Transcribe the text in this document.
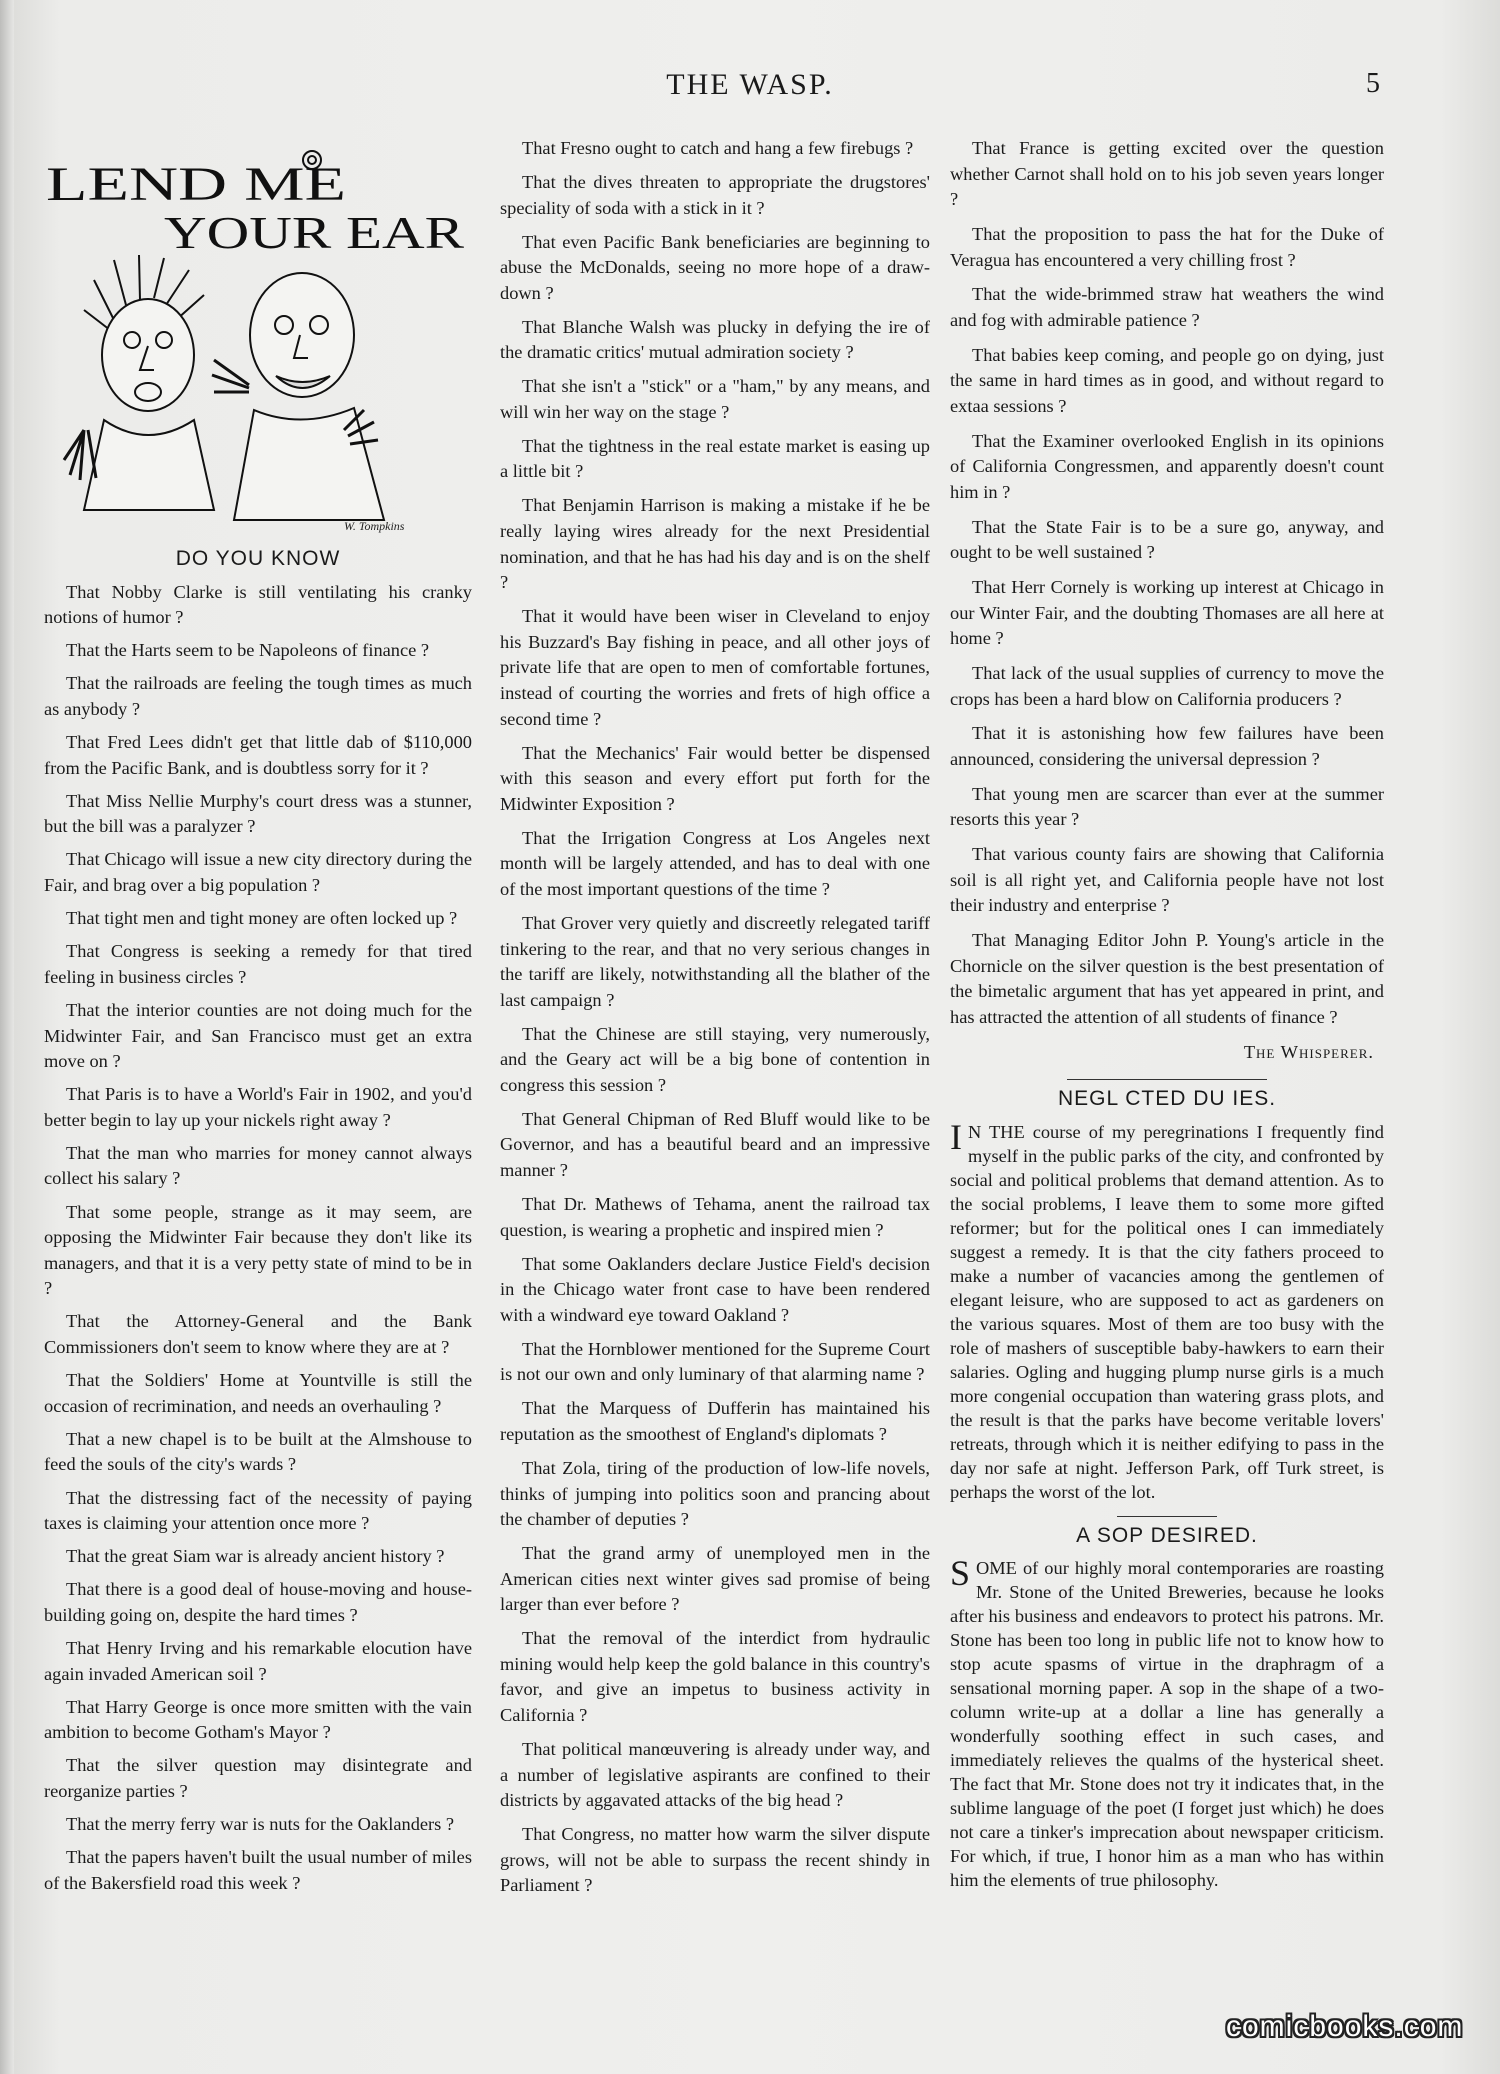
THE WASP.	5
LEND ME
YOUR EAR
W. Tompkins
DO YOU KNOW

That Nobby Clarke is still ventilating his cranky notions of humor ?

That the Harts seem to be Napoleons of finance ?

That the railroads are feeling the tough times as much as anybody ?

That Fred Lees didn't get that little dab of $110,000 from the Pacific Bank, and is doubtless sorry for it ?

That Miss Nellie Murphy's court dress was a stunner, but the bill was a paralyzer ?

That Chicago will issue a new city directory during the Fair, and brag over a big population ?

That tight men and tight money are often locked up ?

That Congress is seeking a remedy for that tired feeling in business circles ?

That the interior counties are not doing much for the Midwinter Fair, and San Francisco must get an extra move on ?

That Paris is to have a World's Fair in 1902, and you'd better begin to lay up your nickels right away ?

That the man who marries for money cannot always collect his salary ?

That some people, strange as it may seem, are opposing the Midwinter Fair because they don't like its managers, and that it is a very petty state of mind to be in ?

That the Attorney-General and the Bank Commissioners don't seem to know where they are at ?

That the Soldiers' Home at Yountville is still the occasion of recrimination, and needs an overhauling ?

That a new chapel is to be built at the Almshouse to feed the souls of the city's wards ?

That the distressing fact of the necessity of paying taxes is claiming your attention once more ?

That the great Siam war is already ancient history ?

That there is a good deal of house-moving and house-building going on, despite the hard times ?

That Henry Irving and his remarkable elocution have again invaded American soil ?

That Harry George is once more smitten with the vain ambition to become Gotham's Mayor ?

That the silver question may disintegrate and reorganize parties ?

That the merry ferry war is nuts for the Oaklanders ?

That the papers haven't built the usual number of miles of the Bakersfield road this week ?

That Fresno ought to catch and hang a few firebugs ?

That the dives threaten to appropriate the drugstores' speciality of soda with a stick in it ?

That even Pacific Bank beneficiaries are beginning to abuse the McDonalds, seeing no more hope of a draw-down ?

That Blanche Walsh was plucky in defying the ire of the dramatic critics' mutual admiration society ?

That she isn't a "stick" or a "ham," by any means, and will win her way on the stage ?

That the tightness in the real estate market is easing up a little bit ?

That Benjamin Harrison is making a mistake if he be really laying wires already for the next Presidential nomination, and that he has had his day and is on the shelf ?

That it would have been wiser in Cleveland to enjoy his Buzzard's Bay fishing in peace, and all other joys of private life that are open to men of comfortable fortunes, instead of courting the worries and frets of high office a second time ?

That the Mechanics' Fair would better be dispensed with this season and every effort put forth for the Midwinter Exposition ?

That the Irrigation Congress at Los Angeles next month will be largely attended, and has to deal with one of the most important questions of the time ?

That Grover very quietly and discreetly relegated tariff tinkering to the rear, and that no very serious changes in the tariff are likely, notwithstanding all the blather of the last campaign ?

That the Chinese are still staying, very numerously, and the Geary act will be a big bone of contention in congress this session ?

That General Chipman of Red Bluff would like to be Governor, and has a beautiful beard and an impressive manner ?

That Dr. Mathews of Tehama, anent the railroad tax question, is wearing a prophetic and inspired mien ?

That some Oaklanders declare Justice Field's decision in the Chicago water front case to have been rendered with a windward eye toward Oakland ?

That the Hornblower mentioned for the Supreme Court is not our own and only luminary of that alarming name ?

That the Marquess of Dufferin has maintained his reputation as the smoothest of England's diplomats ?

That Zola, tiring of the production of low-life novels, thinks of jumping into politics soon and prancing about the chamber of deputies ?

That the grand army of unemployed men in the American cities next winter gives sad promise of being larger than ever before ?

That the removal of the interdict from hydraulic mining would help keep the gold balance in this country's favor, and give an impetus to business activity in California ?

That political manœuvering is already under way, and a number of legislative aspirants are confined to their districts by aggavated attacks of the big head ?

That Congress, no matter how warm the silver dispute grows, will not be able to surpass the recent shindy in Parliament ?

That France is getting excited over the question whether Carnot shall hold on to his job seven years longer ?

That the proposition to pass the hat for the Duke of Veragua has encountered a very chilling frost ?

That the wide-brimmed straw hat weathers the wind and fog with admirable patience ?

That babies keep coming, and people go on dying, just the same in hard times as in good, and without regard to extaa sessions ?

That the Examiner overlooked English in its opinions of California Congressmen, and apparently doesn't count him in ?

That the State Fair is to be a sure go, anyway, and ought to be well sustained ?

That Herr Cornely is working up interest at Chicago in our Winter Fair, and the doubting Thomases are all here at home ?

That lack of the usual supplies of currency to move the crops has been a hard blow on California producers ?

That it is astonishing how few failures have been announced, considering the universal depression ?

That young men are scarcer than ever at the summer resorts this year ?

That various county fairs are showing that California soil is all right yet, and California people have not lost their industry and enterprise ?

That Managing Editor John P. Young's article in the Chornicle on the silver question is the best presentation of the bimetalic argument that has yet appeared in print, and has attracted the attention of all students of finance ?

The Whisperer.
NEGL CTED DU IES.

I N THE course of my peregrinations I frequently find myself in the public parks of the city, and confronted by social and political problems that demand attention. As to the social problems, I leave them to some more gifted reformer; but for the political ones I can immediately suggest a remedy. It is that the city fathers proceed to make a number of vacancies among the gentlemen of elegant leisure, who are supposed to act as gardeners on the various squares. Most of them are too busy with the role of mashers of susceptible baby-hawkers to earn their salaries. Ogling and hugging plump nurse girls is a much more congenial occupation than watering grass plots, and the result is that the parks have become veritable lovers' retreats, through which it is neither edifying to pass in the day nor safe at night. Jefferson Park, off Turk street, is perhaps the worst of the lot.

A SOP DESIRED.

SOME of our highly moral contemporaries are roasting Mr. Stone of the United Breweries, because he looks after his business and endeavors to protect his patrons. Mr. Stone has been too long in public life not to know how to stop acute spasms of virtue in the draphragm of a sensational morning paper. A sop in the shape of a two-column write-up at a dollar a line has generally a wonderfully soothing effect in such cases, and immediately relieves the qualms of the hysterical sheet. The fact that Mr. Stone does not try it indicates that, in the sublime language of the poet (I forget just which) he does not care a tinker's imprecation about newspaper criticism. For which, if true, I honor him as a man who has within him the elements of true philosophy.

comicbooks.com
